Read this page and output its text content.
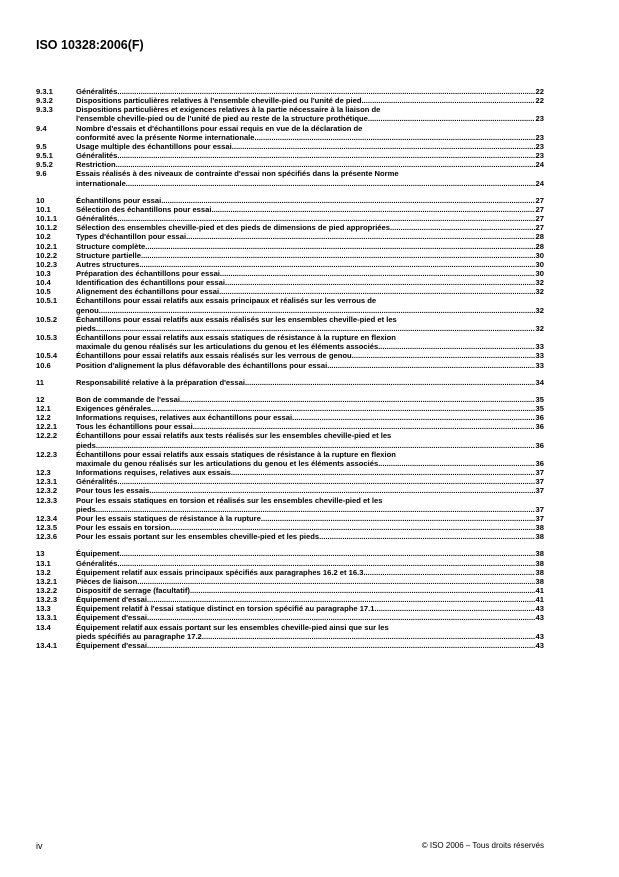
ISO 10328:2006(F)
9.3.1	Généralités .....	22
9.3.2	Dispositions particulières relatives à l'ensemble cheville-pied ou l'unité de pied .....	22
9.3.3	Dispositions particulières et exigences relatives à la partie nécessaire à la liaison de
l'ensemble cheville-pied ou de l'unité de pied au reste de la structure prothétique .....	23
9.4	Nombre d'essais et d'échantillons pour essai requis en vue de la déclaration de
conformité avec la présente Norme internationale .....	23
9.5	Usage multiple des échantillons pour essai .....	23
9.5.1	Généralités .....	23
9.5.2	Restriction .....	24
9.6	Essais réalisés à des niveaux de contrainte d'essai non spécifiés dans la présente Norme
internationale .....	24
10	Échantillons pour essai .....	27
10.1	Sélection des échantillons pour essai .....	27
10.1.1	Généralités .....	27
10.1.2	Sélection des ensembles cheville-pied et des pieds de dimensions de pied appropriées .....	27
10.2	Types d'échantillon pour essai .....	28
10.2.1	Structure complète .....	28
10.2.2	Structure partielle .....	30
10.2.3	Autres structures .....	30
10.3	Préparation des échantillons pour essai .....	30
10.4	Identification des échantillons pour essai .....	32
10.5	Alignement des échantillons pour essai .....	32
10.5.1	Échantillons pour essai relatifs aux essais principaux et réalisés sur les verrous de
genou .....	32
10.5.2	Échantillons pour essai relatifs aux essais réalisés sur les ensembles cheville-pied et les
pieds .....	32
10.5.3	Échantillons pour essai relatifs aux essais statiques de résistance à la rupture en flexion
maximale du genou réalisés sur les articulations du genou et les éléments associés .....	33
10.5.4	Échantillons pour essai relatifs aux essais réalisés sur les verrous de genou .....	33
10.6	Position d'alignement la plus défavorable des échantillons pour essai .....	33
11	Responsabilité relative à la préparation d'essai .....	34
12	Bon de commande de l'essai .....	35
12.1	Exigences générales .....	35
12.2	Informations requises, relatives aux échantillons pour essai .....	36
12.2.1	Tous les échantillons pour essai .....	36
12.2.2	Échantillons pour essai relatifs aux tests réalisés sur les ensembles cheville-pied et les
pieds .....	36
12.2.3	Échantillons pour essai relatifs aux essais statiques de résistance à la rupture en flexion
maximale du genou réalisés sur les articulations du genou et les éléments associés .....	36
12.3	Informations requises, relatives aux essais .....	37
12.3.1	Généralités .....	37
12.3.2	Pour tous les essais .....	37
12.3.3	Pour les essais statiques en torsion et réalisés sur les ensembles cheville-pied et les
pieds .....	37
12.3.4	Pour les essais statiques de résistance à la rupture .....	37
12.3.5	Pour les essais en torsion .....	38
12.3.6	Pour les essais portant sur les ensembles cheville-pied et les pieds .....	38
13	Équipement .....	38
13.1	Généralités .....	38
13.2	Équipement relatif aux essais principaux spécifiés aux paragraphes 16.2 et 16.3 .....	38
13.2.1	Pièces de liaison .....	38
13.2.2	Dispositif de serrage (facultatif) .....	41
13.2.3	Équipement d'essai .....	41
13.3	Équipement relatif à l'essai statique distinct en torsion spécifié au paragraphe 17.1 .....	43
13.3.1	Équipement d'essai .....	43
13.4	Équipement relatif aux essais portant sur les ensembles cheville-pied ainsi que sur les
pieds spécifiés au paragraphe 17.2 .....	43
13.4.1	Équipement d'essai .....	43
iv	© ISO 2006 – Tous droits réservés
